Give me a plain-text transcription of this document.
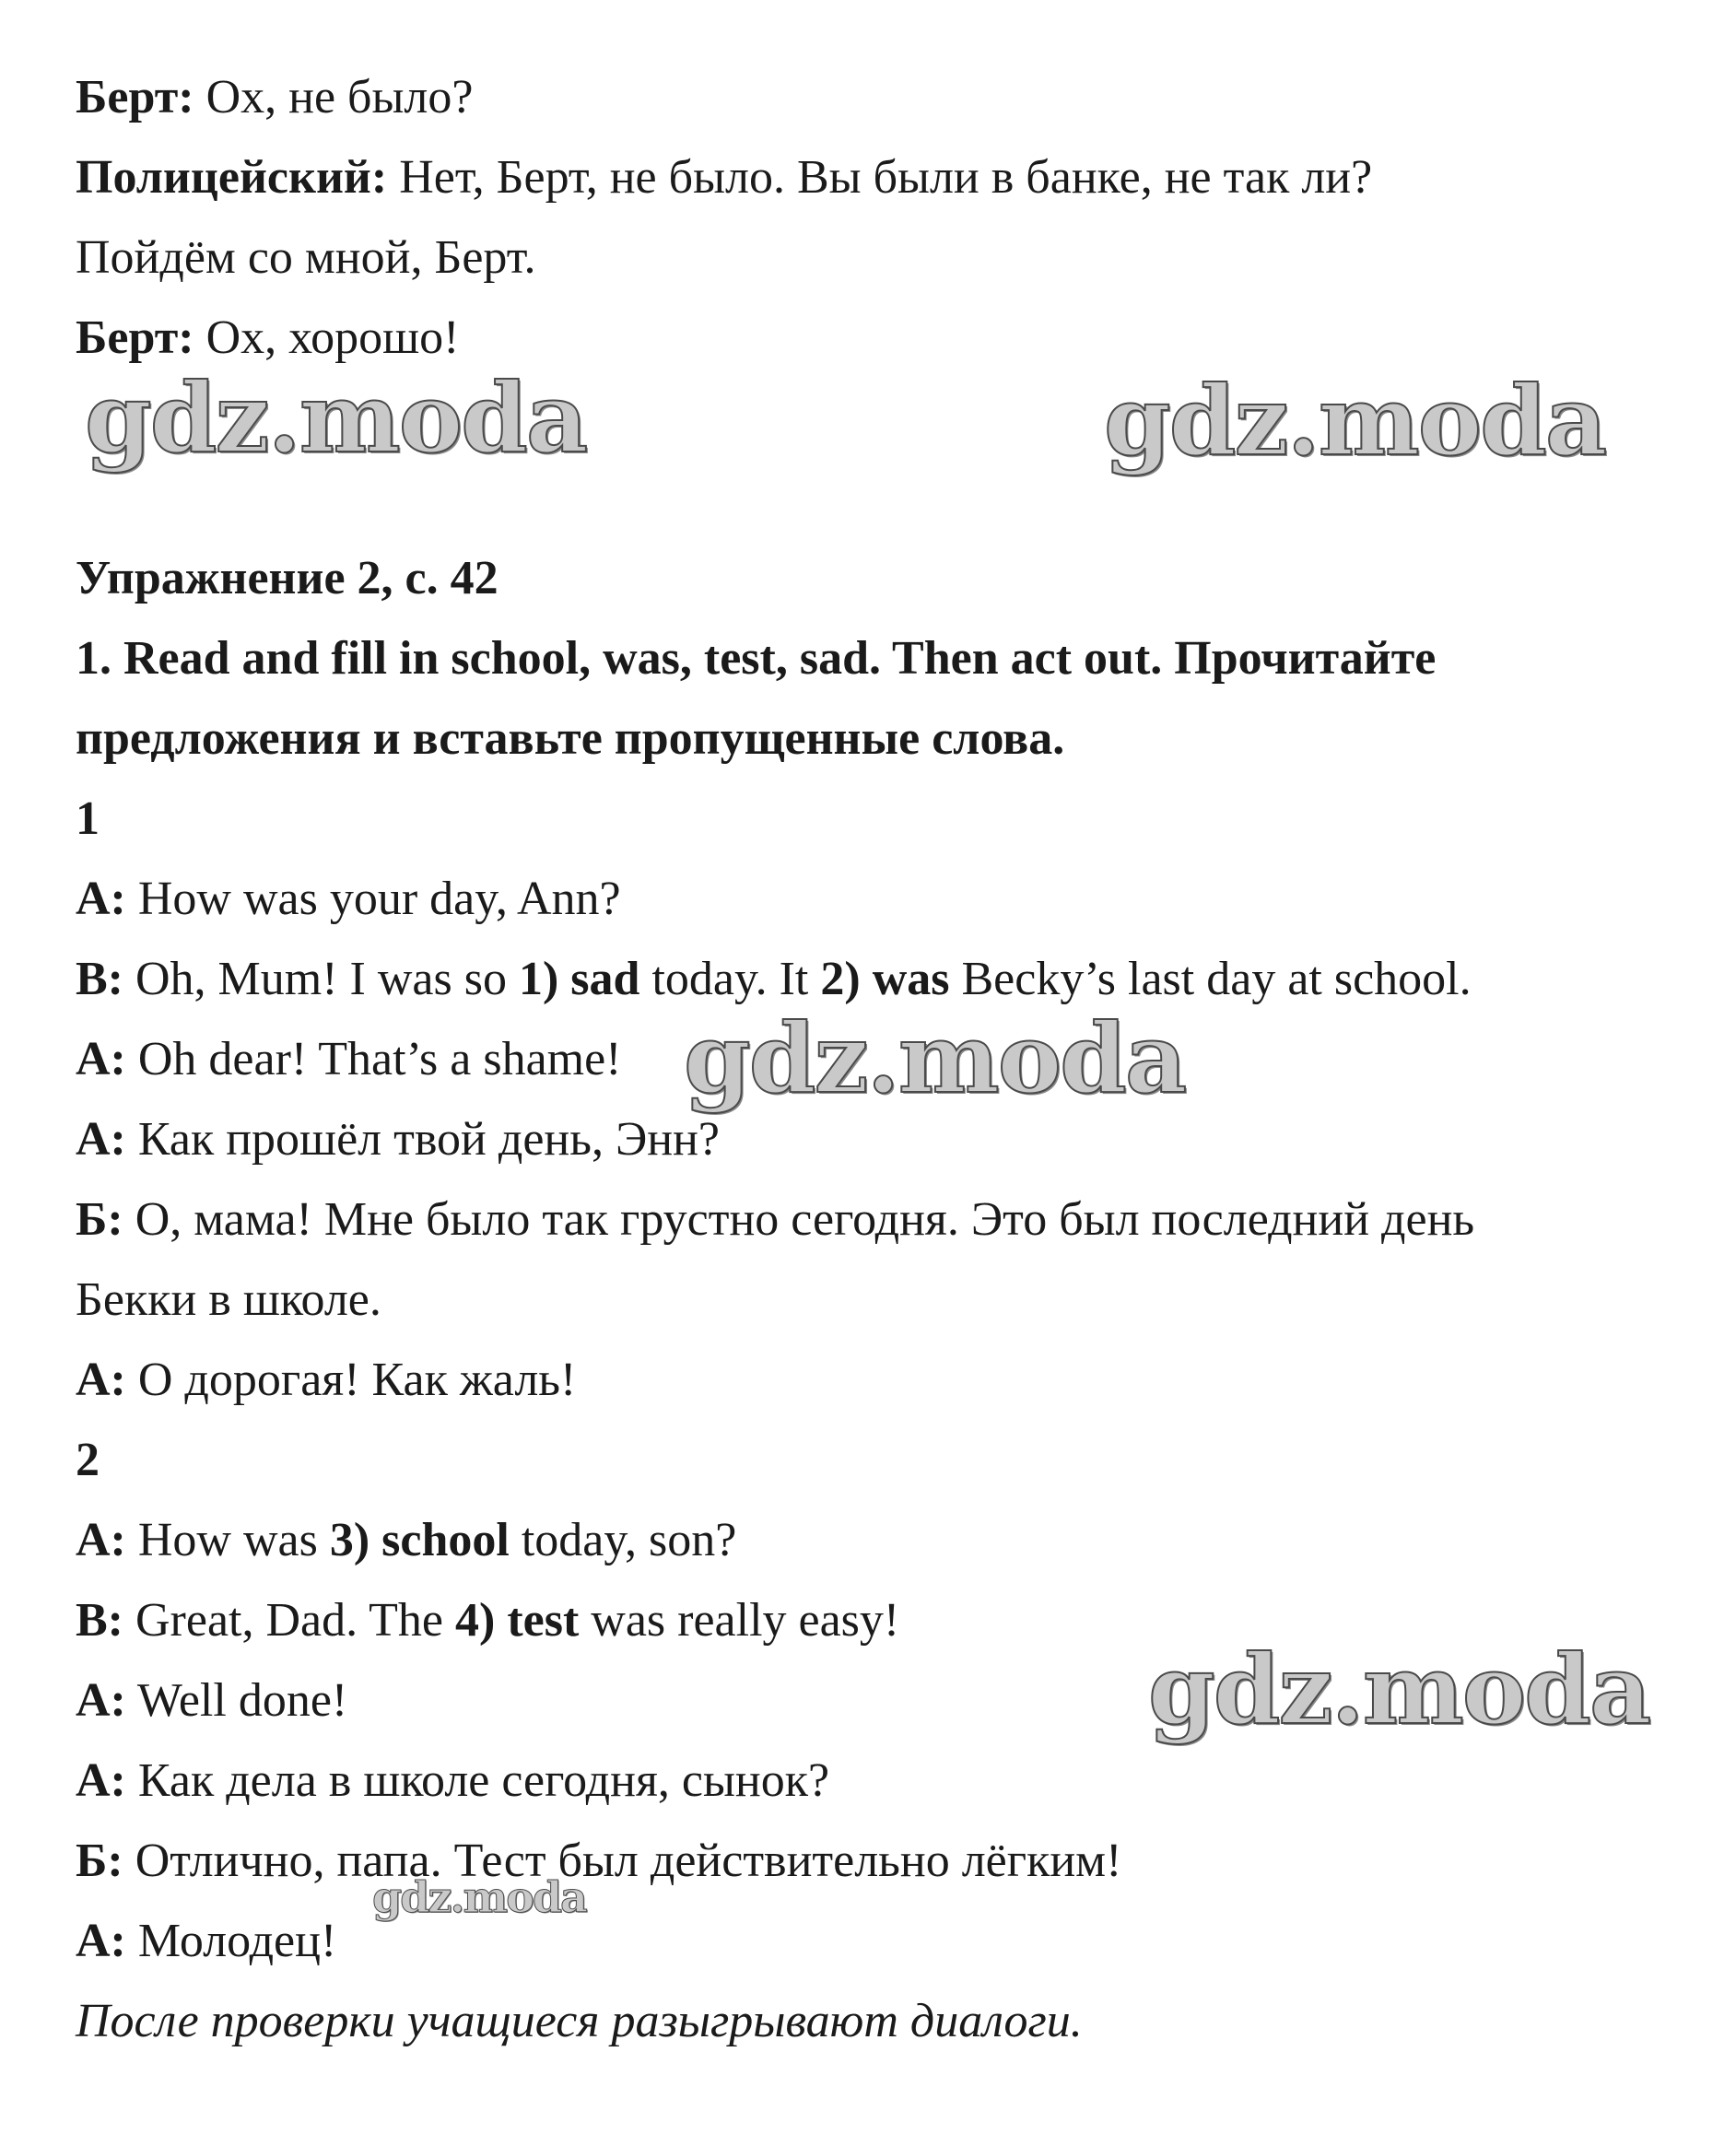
Берт: Ох, не было?
Полицейский: Нет, Берт, не было. Вы были в банке, не так ли?
Пойдём со мной, Берт.
Берт: Ох, хорошо!
Упражнение 2, с. 42
1. Read and fill in school, was, test, sad. Then act out. Прочитайте
предложения и вставьте пропущенные слова.
1
A: How was your day, Ann?
B: Oh, Mum! I was so 1) sad today. It 2) was Becky’s last day at school.
A: Oh dear! That’s a shame!
А: Как прошёл твой день, Энн?
Б: О, мама! Мне было так грустно сегодня. Это был последний день
Бекки в школе.
А: О дорогая! Как жаль!
2
A: How was 3) school today, son?
B: Great, Dad. The 4) test was really easy!
A: Well done!
А: Как дела в школе сегодня, сынок?
Б: Отлично, папа. Тест был действительно лёгким!
А: Молодец!
После проверки учащиеся разыгрывают диалоги.
gdz.moda	gdz.moda
gdz.moda
gdz.moda
gdz.moda
